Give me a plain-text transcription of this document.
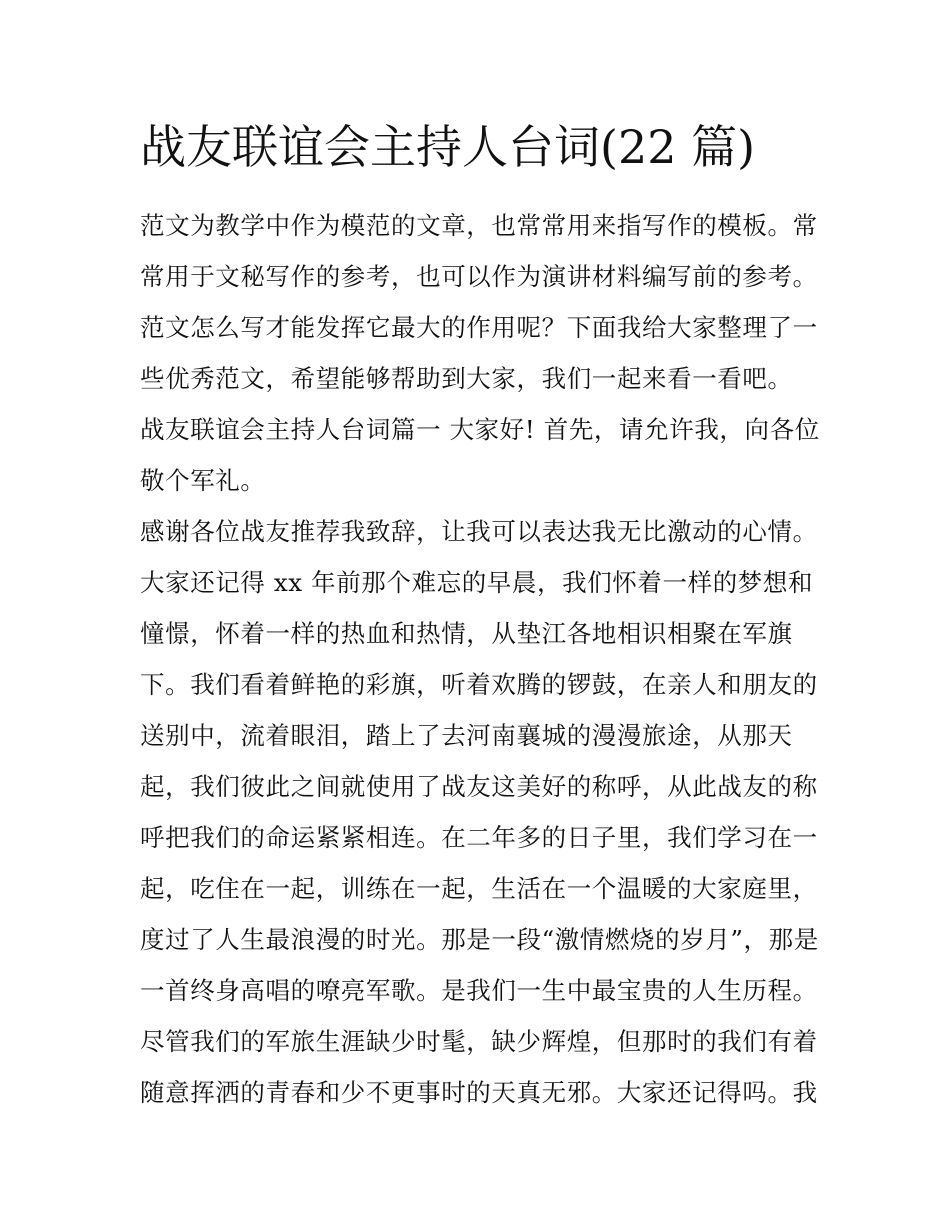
战友联谊会主持人台词(22 篇)
范文为教学中作为模范的文章，也常常用来指写作的模板。常
常用于文秘写作的参考，也可以作为演讲材料编写前的参考。
范文怎么写才能发挥它最大的作用呢？下面我给大家整理了一
些优秀范文，希望能够帮助到大家，我们一起来看一看吧。
战友联谊会主持人台词篇一 大家好! 首先，请允许我，向各位
敬个军礼。
感谢各位战友推荐我致辞，让我可以表达我无比激动的心情。
大家还记得 xx 年前那个难忘的早晨，我们怀着一样的梦想和
憧憬，怀着一样的热血和热情，从垫江各地相识相聚在军旗
下。我们看着鲜艳的彩旗，听着欢腾的锣鼓，在亲人和朋友的
送别中，流着眼泪，踏上了去河南襄城的漫漫旅途，从那天
起，我们彼此之间就使用了战友这美好的称呼，从此战友的称
呼把我们的命运紧紧相连。在二年多的日子里，我们学习在一
起，吃住在一起，训练在一起，生活在一个温暖的大家庭里，
度过了人生最浪漫的时光。那是一段“激情燃烧的岁月”，那是
一首终身高唱的嘹亮军歌。是我们一生中最宝贵的人生历程。
尽管我们的军旅生涯缺少时髦，缺少辉煌，但那时的我们有着
随意挥洒的青春和少不更事时的天真无邪。大家还记得吗。我
